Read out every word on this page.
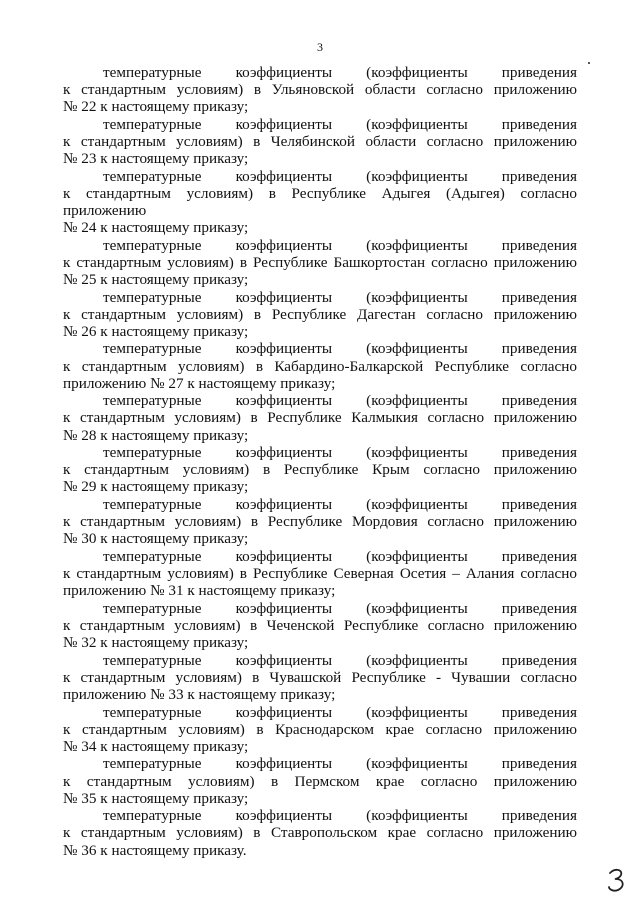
3

температурные коэффициенты (коэффициенты приведения
к стандартным условиям) в Ульяновской области согласно приложению
№ 22 к настоящему приказу;

температурные коэффициенты (коэффициенты приведения
к стандартным условиям) в Челябинской области согласно приложению
№ 23 к настоящему приказу;

температурные коэффициенты (коэффициенты приведения
к стандартным условиям) в Республике Адыгея (Адыгея) согласно приложению
№ 24 к настоящему приказу;

температурные коэффициенты (коэффициенты приведения
к стандартным условиям) в Республике Башкортостан согласно приложению
№ 25 к настоящему приказу;

температурные коэффициенты (коэффициенты приведения
к стандартным условиям) в Республике Дагестан согласно приложению
№ 26 к настоящему приказу;

температурные коэффициенты (коэффициенты приведения
к стандартным условиям) в Кабардино-Балкарской Республике согласно
приложению № 27 к настоящему приказу;

температурные коэффициенты (коэффициенты приведения
к стандартным условиям) в Республике Калмыкия согласно приложению
№ 28 к настоящему приказу;

температурные коэффициенты (коэффициенты приведения
к стандартным условиям) в Республике Крым согласно приложению
№ 29 к настоящему приказу;

температурные коэффициенты (коэффициенты приведения
к стандартным условиям) в Республике Мордовия согласно приложению
№ 30 к настоящему приказу;

температурные коэффициенты (коэффициенты приведения
к стандартным условиям) в Республике Северная Осетия – Алания согласно
приложению № 31 к настоящему приказу;

температурные коэффициенты (коэффициенты приведения
к стандартным условиям) в Чеченской Республике согласно приложению
№ 32 к настоящему приказу;

температурные коэффициенты (коэффициенты приведения
к стандартным условиям) в Чувашской Республике - Чувашии согласно
приложению № 33 к настоящему приказу;

температурные коэффициенты (коэффициенты приведения
к стандартным условиям) в Краснодарском крае согласно приложению
№ 34 к настоящему приказу;

температурные коэффициенты (коэффициенты приведения
к стандартным условиям) в Пермском крае согласно приложению
№ 35 к настоящему приказу;

температурные коэффициенты (коэффициенты приведения
к стандартным условиям) в Ставропольском крае согласно приложению
№ 36 к настоящему приказу.
